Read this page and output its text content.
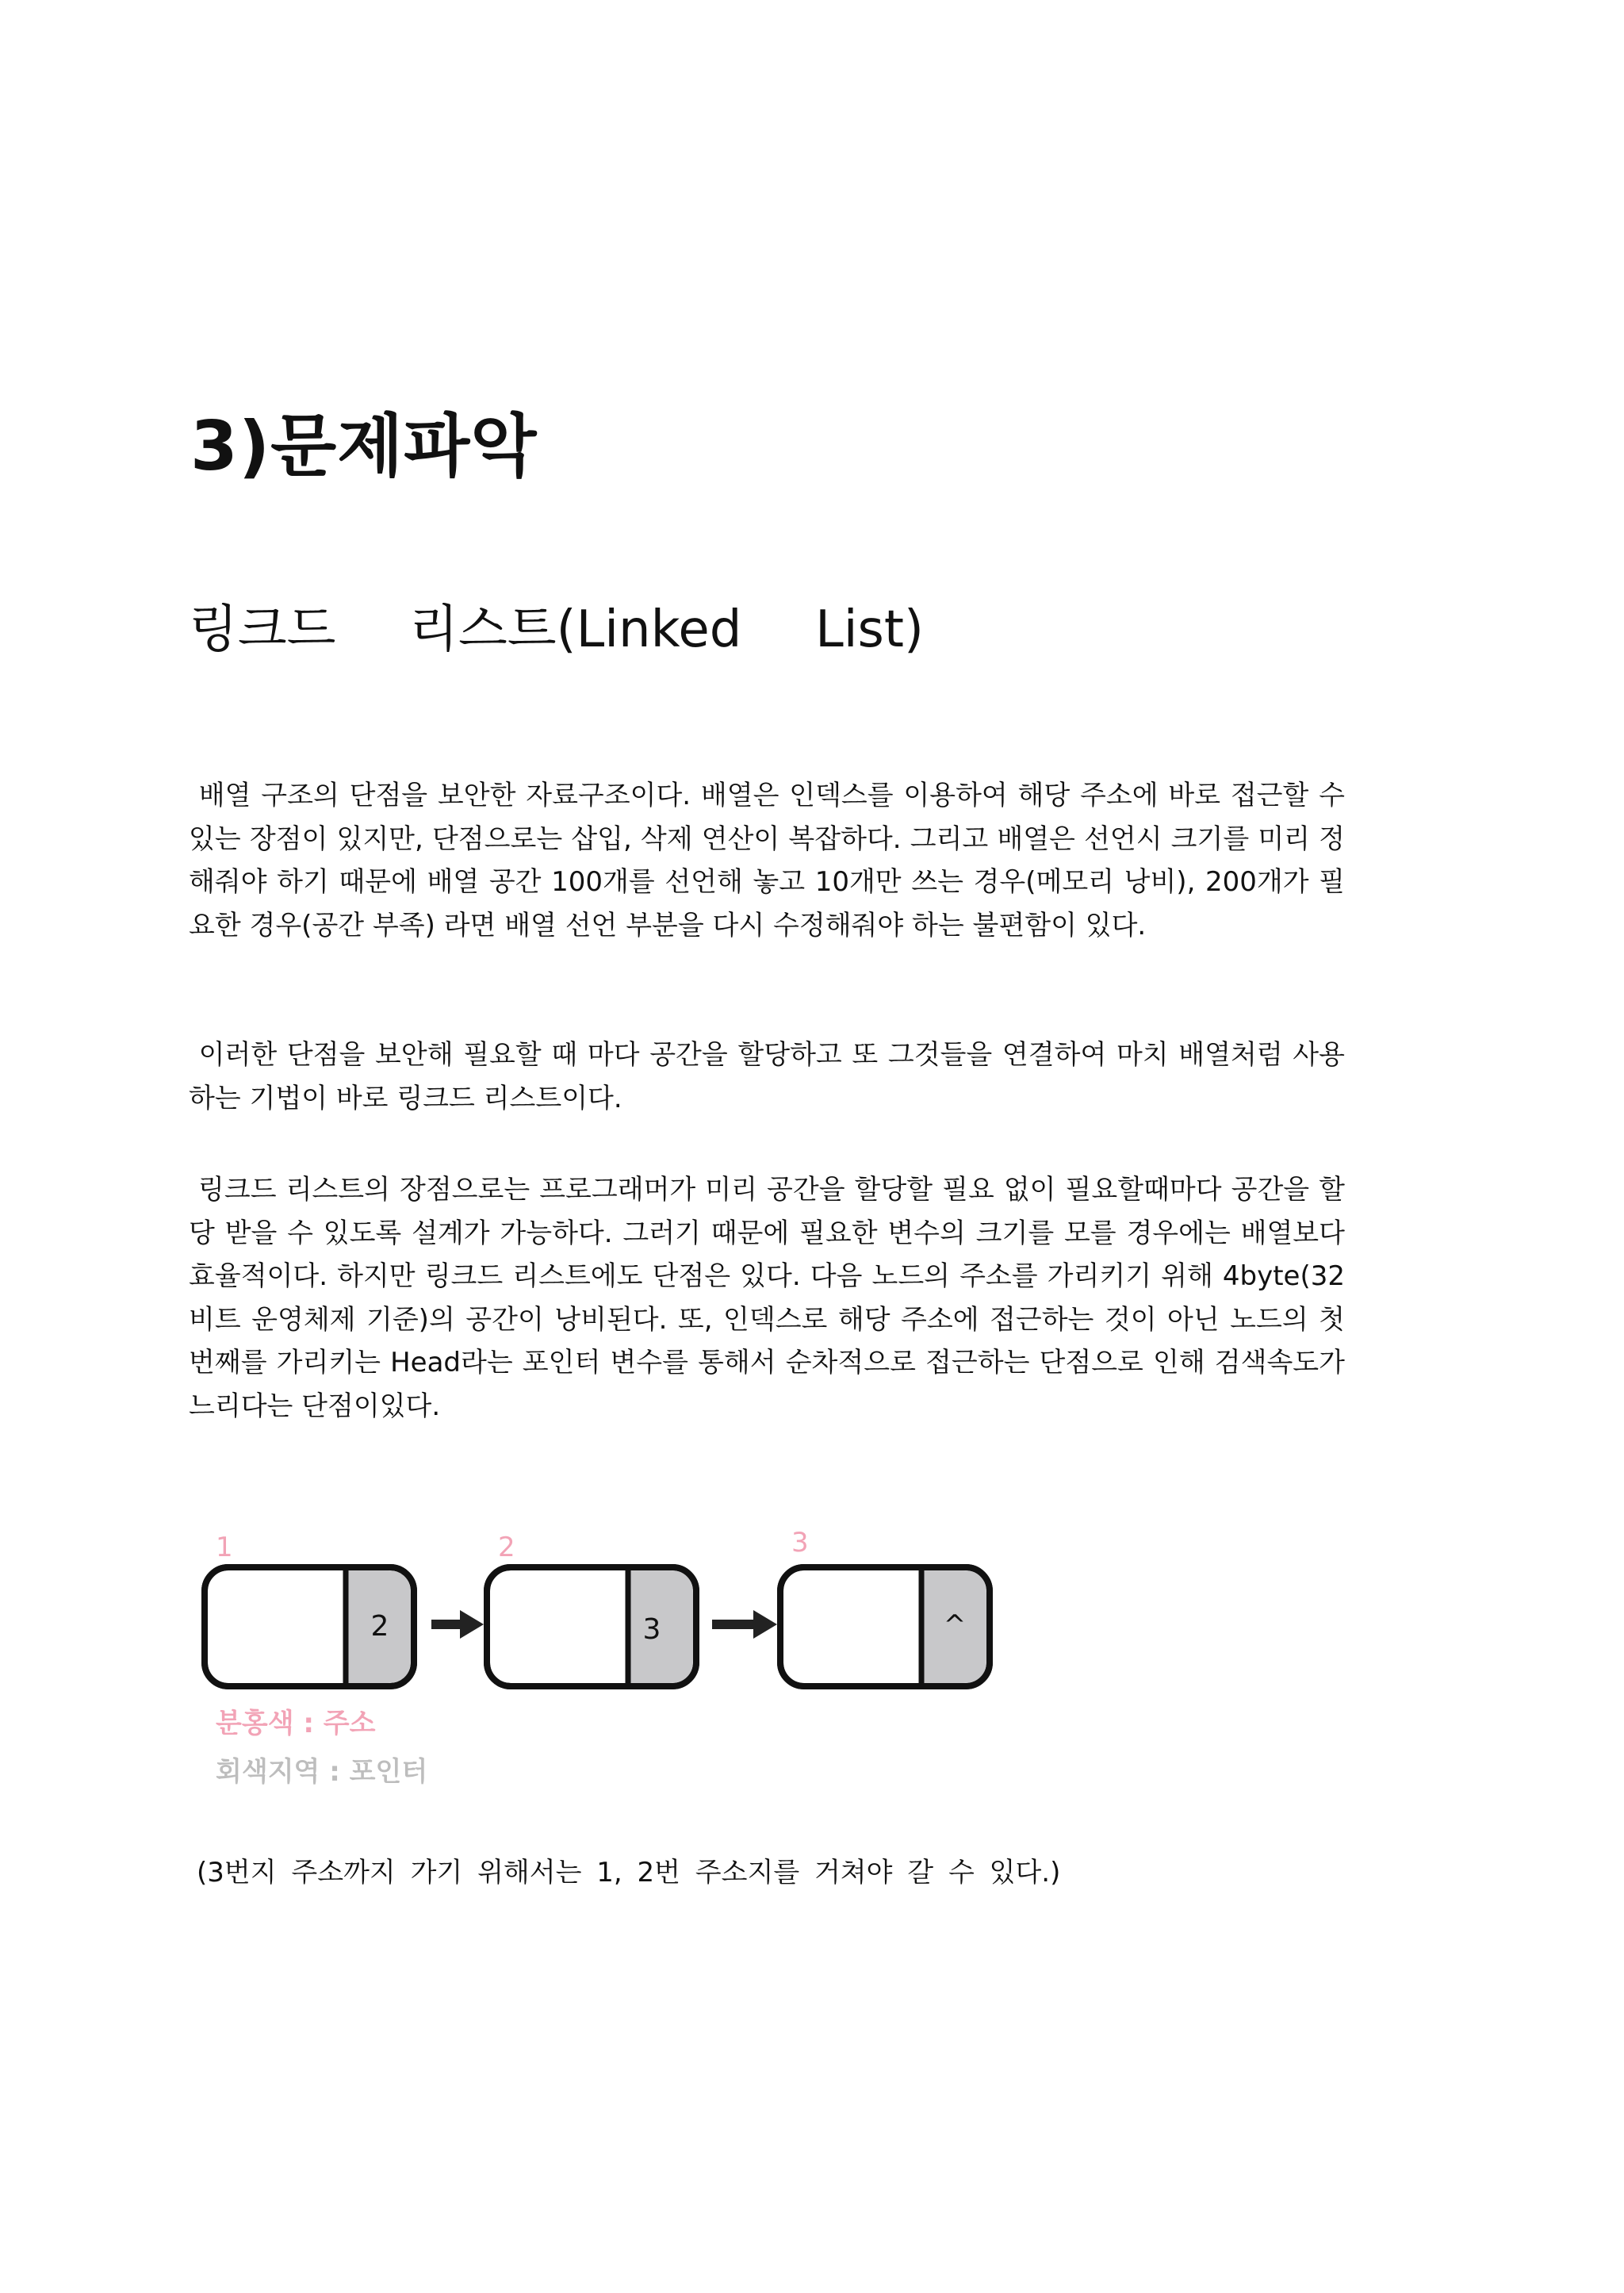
3)문제파악
링크드  리스트(Linked  List)

배열 구조의 단점을 보안한 자료구조이다. 배열은 인덱스를 이용하여 해당 주소에 바로 접근할 수 있는 장점이 있지만, 단점으로는 삽입, 삭제 연산이 복잡하다. 그리고 배열은 선언시 크기를 미리 정해줘야 하기 때문에 배열 공간 100개를 선언해 놓고 10개만 쓰는 경우(메모리 낭비), 200개가 필요한 경우(공간 부족) 라면 배열 선언 부분을 다시 수정해줘야 하는 불편함이 있다.

이러한 단점을 보안해 필요할 때 마다 공간을 할당하고 또 그것들을 연결하여 마치 배열처럼 사용하는 기법이 바로 링크드 리스트이다.

링크드 리스트의 장점으로는 프로그래머가 미리 공간을 할당할 필요 없이 필요할때마다 공간을 할당 받을 수 있도록 설계가 가능하다. 그러기 때문에 필요한 변수의 크기를 모를 경우에는 배열보다 효율적이다. 하지만 링크드 리스트에도 단점은 있다. 다음 노드의 주소를 가리키기 위해 4byte(32비트 운영체제 기준)의 공간이 낭비된다. 또, 인덱스로 해당 주소에 접근하는 것이 아닌 노드의 첫 번째를 가리키는 Head라는 포인터 변수를 통해서 순차적으로 접근하는 단점으로 인해 검색속도가 느리다는 단점이있다.

1
2
2
3
3
^

분홍색 : 주소

회색지역 : 포인터

(3번지 주소까지 가기 위해서는 1, 2번 주소지를 거쳐야 갈 수 있다.)
